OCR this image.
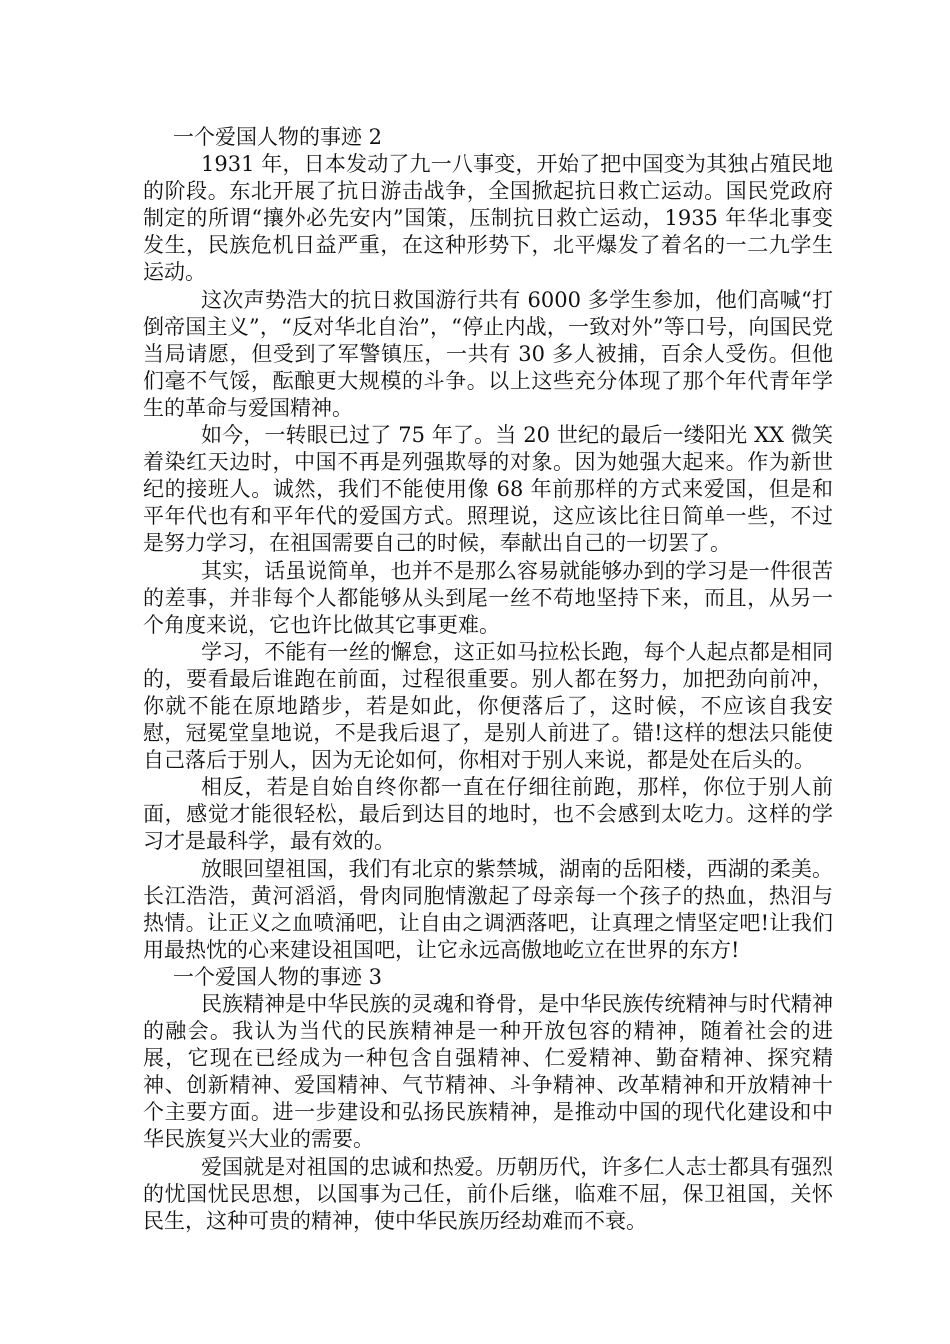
一个爱国人物的事迹 2

1931 年，日本发动了九一八事变，开始了把中国变为其独占殖民地的阶段。东北开展了抗日游击战争，全国掀起抗日救亡运动。国民党政府制定的所谓“攘外必先安内”国策，压制抗日救亡运动，1935 年华北事变发生，民族危机日益严重，在这种形势下，北平爆发了着名的一二九学生运动。

这次声势浩大的抗日救国游行共有 6000 多学生参加，他们高喊“打倒帝国主义”，“反对华北自治”，“停止内战，一致对外”等口号，向国民党当局请愿，但受到了军警镇压，一共有 30 多人被捕，百余人受伤。但他们毫不气馁，酝酿更大规模的斗争。以上这些充分体现了那个年代青年学生的革命与爱国精神。

如今，一转眼已过了 75 年了。当 20 世纪的最后一缕阳光 XX 微笑着染红天边时，中国不再是列强欺辱的对象。因为她强大起来。作为新世纪的接班人。诚然，我们不能使用像 68 年前那样的方式来爱国，但是和平年代也有和平年代的爱国方式。照理说，这应该比往日简单一些，不过是努力学习，在祖国需要自己的时候，奉献出自己的一切罢了。

其实，话虽说简单，也并不是那么容易就能够办到的学习是一件很苦的差事，并非每个人都能够从头到尾一丝不苟地坚持下来，而且，从另一个角度来说，它也许比做其它事更难。

学习，不能有一丝的懈怠，这正如马拉松长跑，每个人起点都是相同的，要看最后谁跑在前面，过程很重要。别人都在努力，加把劲向前冲，你就不能在原地踏步，若是如此，你便落后了，这时候，不应该自我安慰，冠冕堂皇地说，不是我后退了，是别人前进了。错!这样的想法只能使自己落后于别人，因为无论如何，你相对于别人来说，都是处在后头的。

相反，若是自始自终你都一直在仔细往前跑，那样，你位于别人前面，感觉才能很轻松，最后到达目的地时，也不会感到太吃力。这样的学习才是最科学，最有效的。

放眼回望祖国，我们有北京的紫禁城，湖南的岳阳楼，西湖的柔美。长江浩浩，黄河滔滔，骨肉同胞情激起了母亲每一个孩子的热血，热泪与热情。让正义之血喷涌吧，让自由之调洒落吧，让真理之情坚定吧!让我们用最热忱的心来建设祖国吧，让它永远高傲地屹立在世界的东方!

一个爱国人物的事迹 3

民族精神是中华民族的灵魂和脊骨，是中华民族传统精神与时代精神的融会。我认为当代的民族精神是一种开放包容的精神，随着社会的进展，它现在已经成为一种包含自强精神、仁爱精神、勤奋精神、探究精神、创新精神、爱国精神、气节精神、斗争精神、改革精神和开放精神十个主要方面。进一步建设和弘扬民族精神，是推动中国的现代化建设和中华民族复兴大业的需要。

爱国就是对祖国的忠诚和热爱。历朝历代，许多仁人志士都具有强烈的忧国忧民思想，以国事为己任，前仆后继，临难不屈，保卫祖国，关怀民生，这种可贵的精神，使中华民族历经劫难而不衰。
